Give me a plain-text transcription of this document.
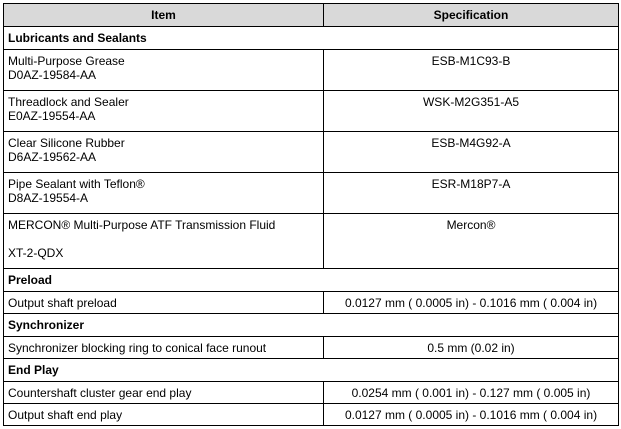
Item	Specification
Lubricants and Sealants	

Multi-Purpose Grease
D0AZ-19584-AA	ESB-M1C93-B

Threadlock and Sealer
E0AZ-19554-AA	WSK-M2G351-A5

Clear Silicone Rubber
D6AZ-19562-AA	ESB-M4G92-A

Pipe Sealant with Teflon®
D8AZ-19554-A	ESR-M18P7-A

MERCON® Multi-Purpose ATF Transmission Fluid
XT-2-QDX	Mercon®
Preload	
Output shaft preload	0.0127 mm ( 0.0005 in) - 0.1016 mm ( 0.004 in)
Synchronizer	
Synchronizer blocking ring to conical face runout	0.5 mm (0.02 in)
End Play	
Countershaft cluster gear end play	0.0254 mm ( 0.001 in) - 0.127 mm ( 0.005 in)
Output shaft end play	0.0127 mm ( 0.0005 in) - 0.1016 mm ( 0.004 in)
